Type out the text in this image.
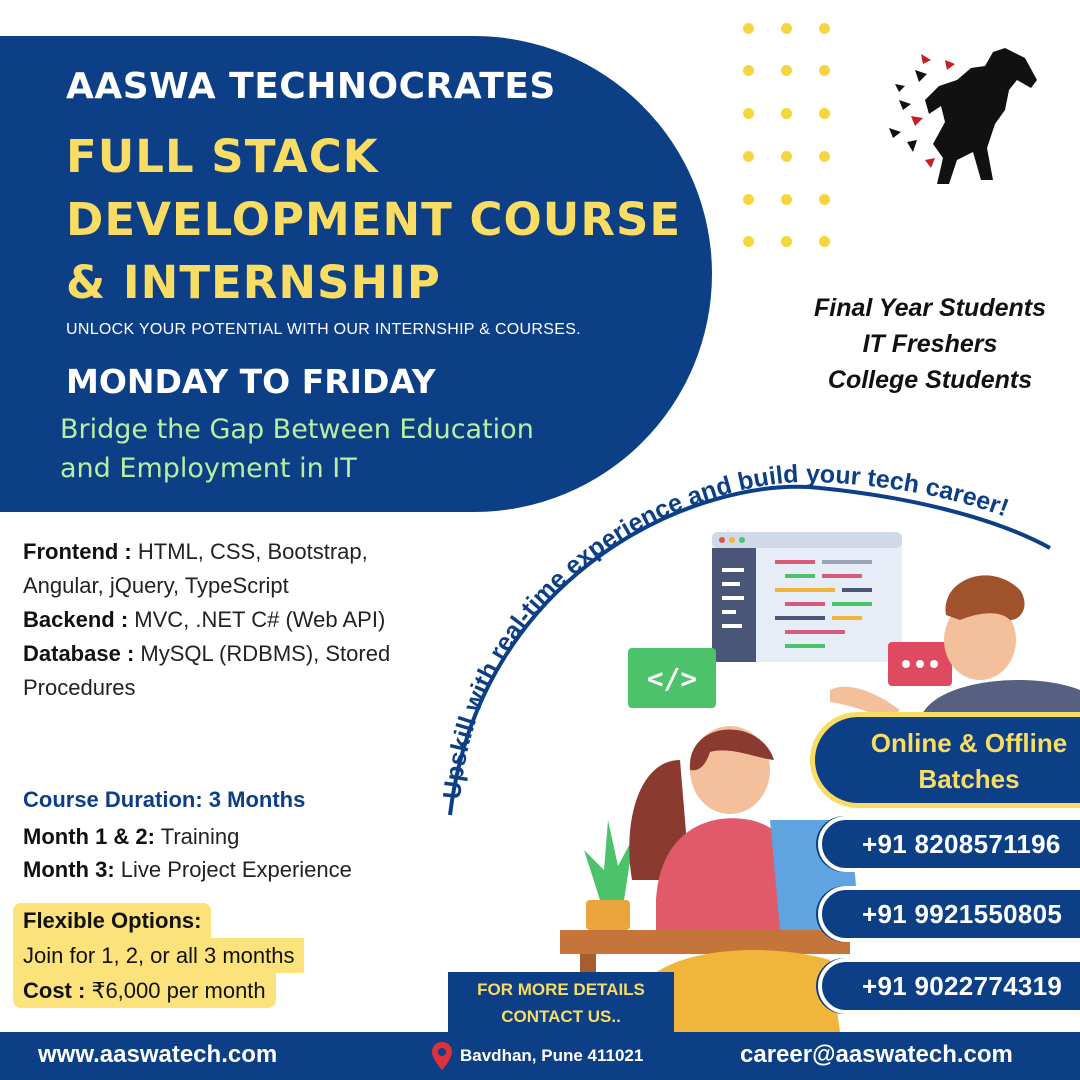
AASWA TECHNOCRATES
FULL STACK DEVELOPMENT COURSE & INTERNSHIP
UNLOCK YOUR POTENTIAL WITH OUR INTERNSHIP & COURSES.
MONDAY TO FRIDAY
Bridge the Gap Between Education and Employment in IT
Final Year Students
IT Freshers
College Students
Upskill with real-time experience and build your tech career!
Frontend : HTML, CSS, Bootstrap, Angular, jQuery, TypeScript
Backend : MVC, .NET C# (Web API)
Database : MySQL (RDBMS), Stored Procedures
Course Duration: 3 Months
Month 1 & 2: Training
Month 3: Live Project Experience
Flexible Options:
Join for 1, 2, or all 3 months
Cost : ₹6,000 per month
</>
Online & Offline Batches
+91 8208571196
+91 9921550805
+91 9022774319
FOR MORE DETAILS
CONTACT US..
www.aaswatech.com	Bavdhan, Pune 411021	career@aaswatech.com
